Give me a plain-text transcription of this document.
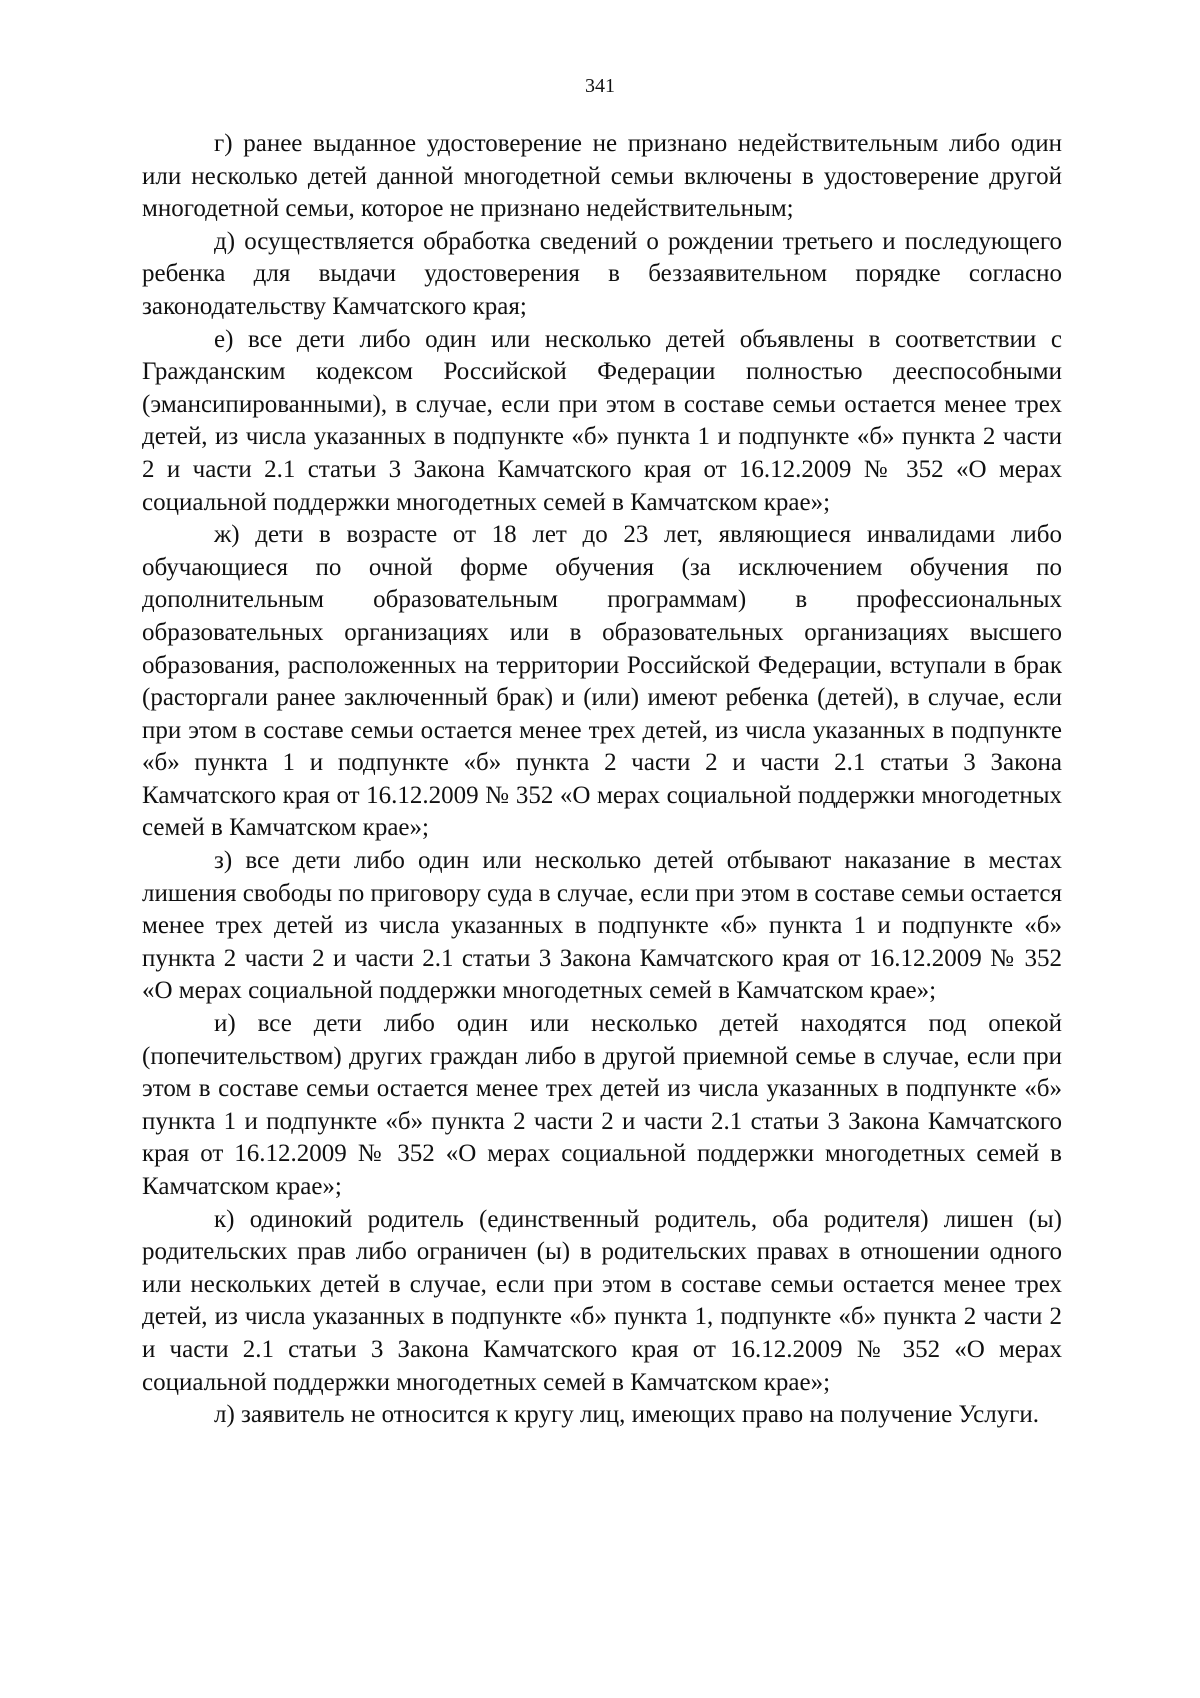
341

г) ранее выданное удостоверение не признано недействительным либо один или несколько детей данной многодетной семьи включены в удостоверение другой многодетной семьи, которое не признано недействительным;

д) осуществляется обработка сведений о рождении третьего и последующего ребенка для выдачи удостоверения в беззаявительном порядке согласно законодательству Камчатского края;

е) все дети либо один или несколько детей объявлены в соответствии с Гражданским кодексом Российской Федерации полностью дееспособными (эмансипированными), в случае, если при этом в составе семьи остается менее трех детей, из числа указанных в подпункте «б» пункта 1 и подпункте «б» пункта 2 части 2 и части 2.1 статьи 3 Закона Камчатского края от 16.12.2009 № 352 «О мерах социальной поддержки многодетных семей в Камчатском крае»;

ж) дети в возрасте от 18 лет до 23 лет, являющиеся инвалидами либо обучающиеся по очной форме обучения (за исключением обучения по дополнительным образовательным программам) в профессиональных образовательных организациях или в образовательных организациях высшего образования, расположенных на территории Российской Федерации, вступали в брак (расторгали ранее заключенный брак) и (или) имеют ребенка (детей), в случае, если при этом в составе семьи остается менее трех детей, из числа указанных в подпункте «б» пункта 1 и подпункте «б» пункта 2 части 2 и части 2.1 статьи 3 Закона Камчатского края от 16.12.2009 № 352 «О мерах социальной поддержки многодетных семей в Камчатском крае»;

з) все дети либо один или несколько детей отбывают наказание в местах лишения свободы по приговору суда в случае, если при этом в составе семьи остается менее трех детей из числа указанных в подпункте «б» пункта 1 и подпункте «б» пункта 2 части 2 и части 2.1 статьи 3 Закона Камчатского края от 16.12.2009 № 352 «О мерах социальной поддержки многодетных семей в Камчатском крае»;

и) все дети либо один или несколько детей находятся под опекой (попечительством) других граждан либо в другой приемной семье в случае, если при этом в составе семьи остается менее трех детей из числа указанных в подпункте «б» пункта 1 и подпункте «б» пункта 2 части 2 и части 2.1 статьи 3 Закона Камчатского края от 16.12.2009 № 352 «О мерах социальной поддержки многодетных семей в Камчатском крае»;

к) одинокий родитель (единственный родитель, оба родителя) лишен (ы) родительских прав либо ограничен (ы) в родительских правах в отношении одного или нескольких детей в случае, если при этом в составе семьи остается менее трех детей, из числа указанных в подпункте «б» пункта 1, подпункте «б» пункта 2 части 2 и части 2.1 статьи 3 Закона Камчатского края от 16.12.2009 № 352 «О мерах социальной поддержки многодетных семей в Камчатском крае»;

л) заявитель не относится к кругу лиц, имеющих право на получение Услуги.
